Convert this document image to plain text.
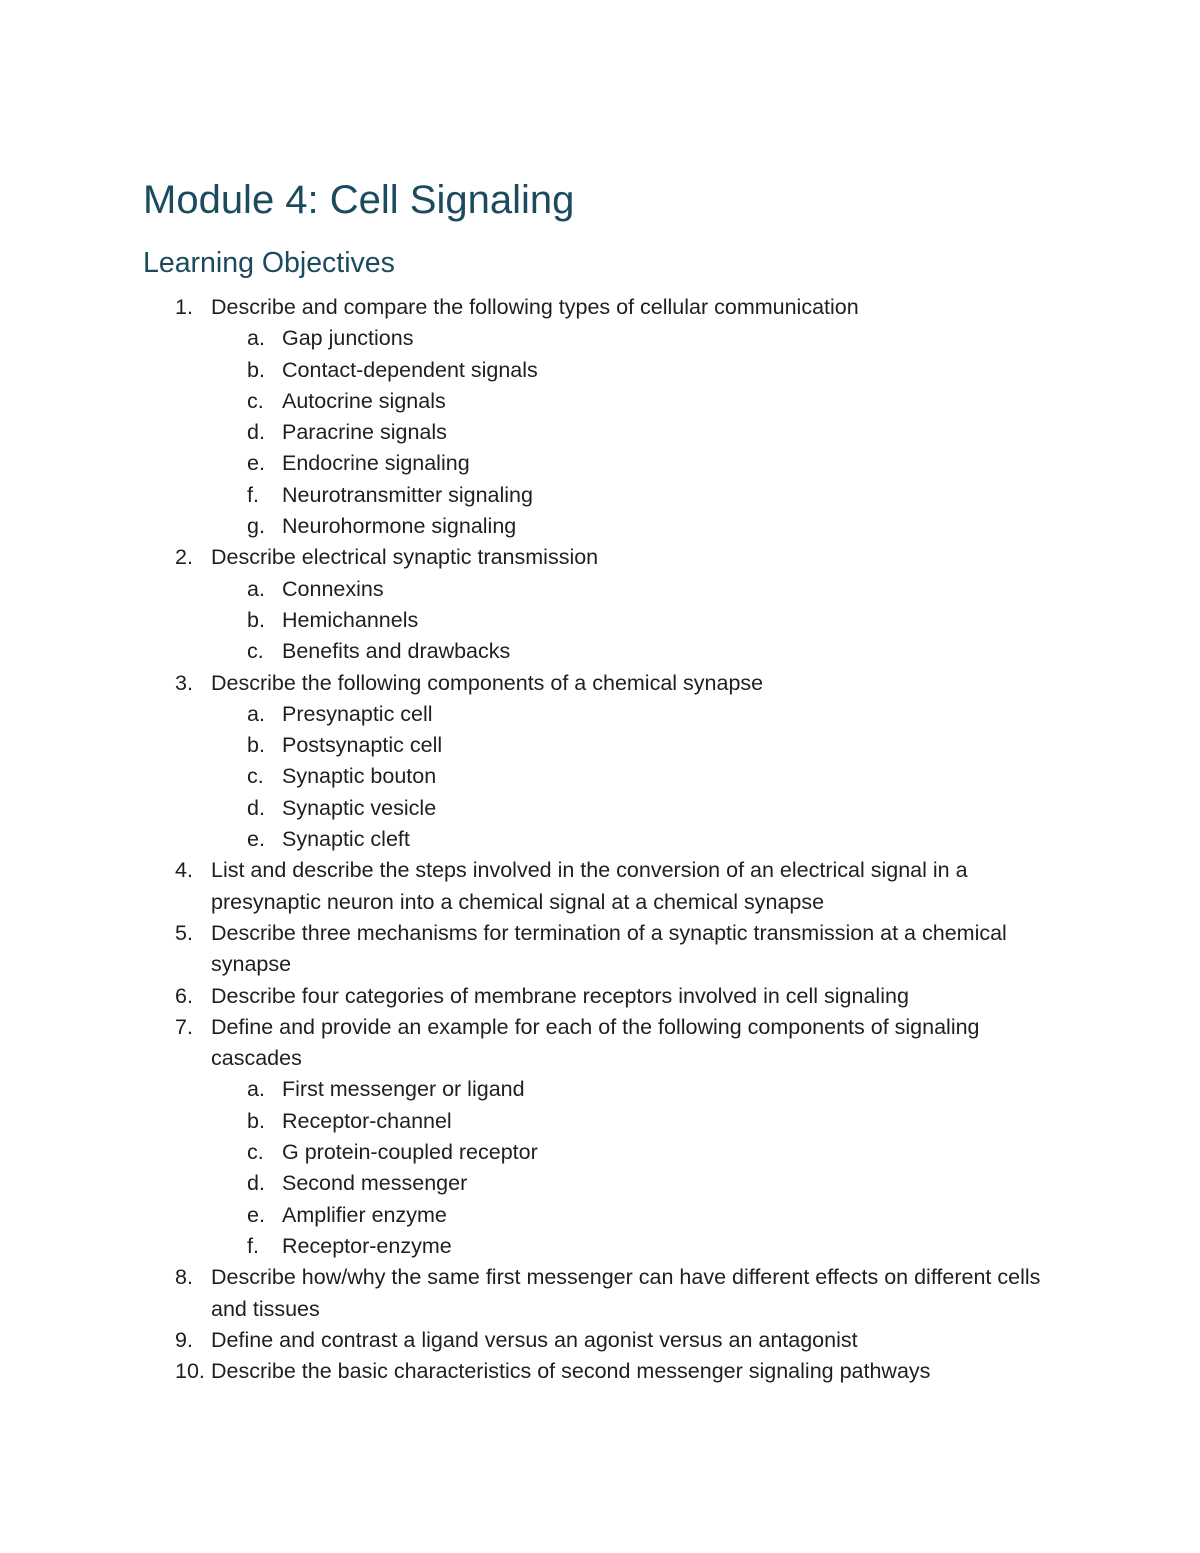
Module 4: Cell Signaling
Learning Objectives
1. Describe and compare the following types of cellular communication
a. Gap junctions
b. Contact-dependent signals
c. Autocrine signals
d. Paracrine signals
e. Endocrine signaling
f. Neurotransmitter signaling
g. Neurohormone signaling
2. Describe electrical synaptic transmission
a. Connexins
b. Hemichannels
c. Benefits and drawbacks
3. Describe the following components of a chemical synapse
a. Presynaptic cell
b. Postsynaptic cell
c. Synaptic bouton
d. Synaptic vesicle
e. Synaptic cleft
4. List and describe the steps involved in the conversion of an electrical signal in a presynaptic neuron into a chemical signal at a chemical synapse
5. Describe three mechanisms for termination of a synaptic transmission at a chemical synapse
6. Describe four categories of membrane receptors involved in cell signaling
7. Define and provide an example for each of the following components of signaling cascades
a. First messenger or ligand
b. Receptor-channel
c. G protein-coupled receptor
d. Second messenger
e. Amplifier enzyme
f. Receptor-enzyme
8. Describe how/why the same first messenger can have different effects on different cells and tissues
9. Define and contrast a ligand versus an agonist versus an antagonist
10. Describe the basic characteristics of second messenger signaling pathways
